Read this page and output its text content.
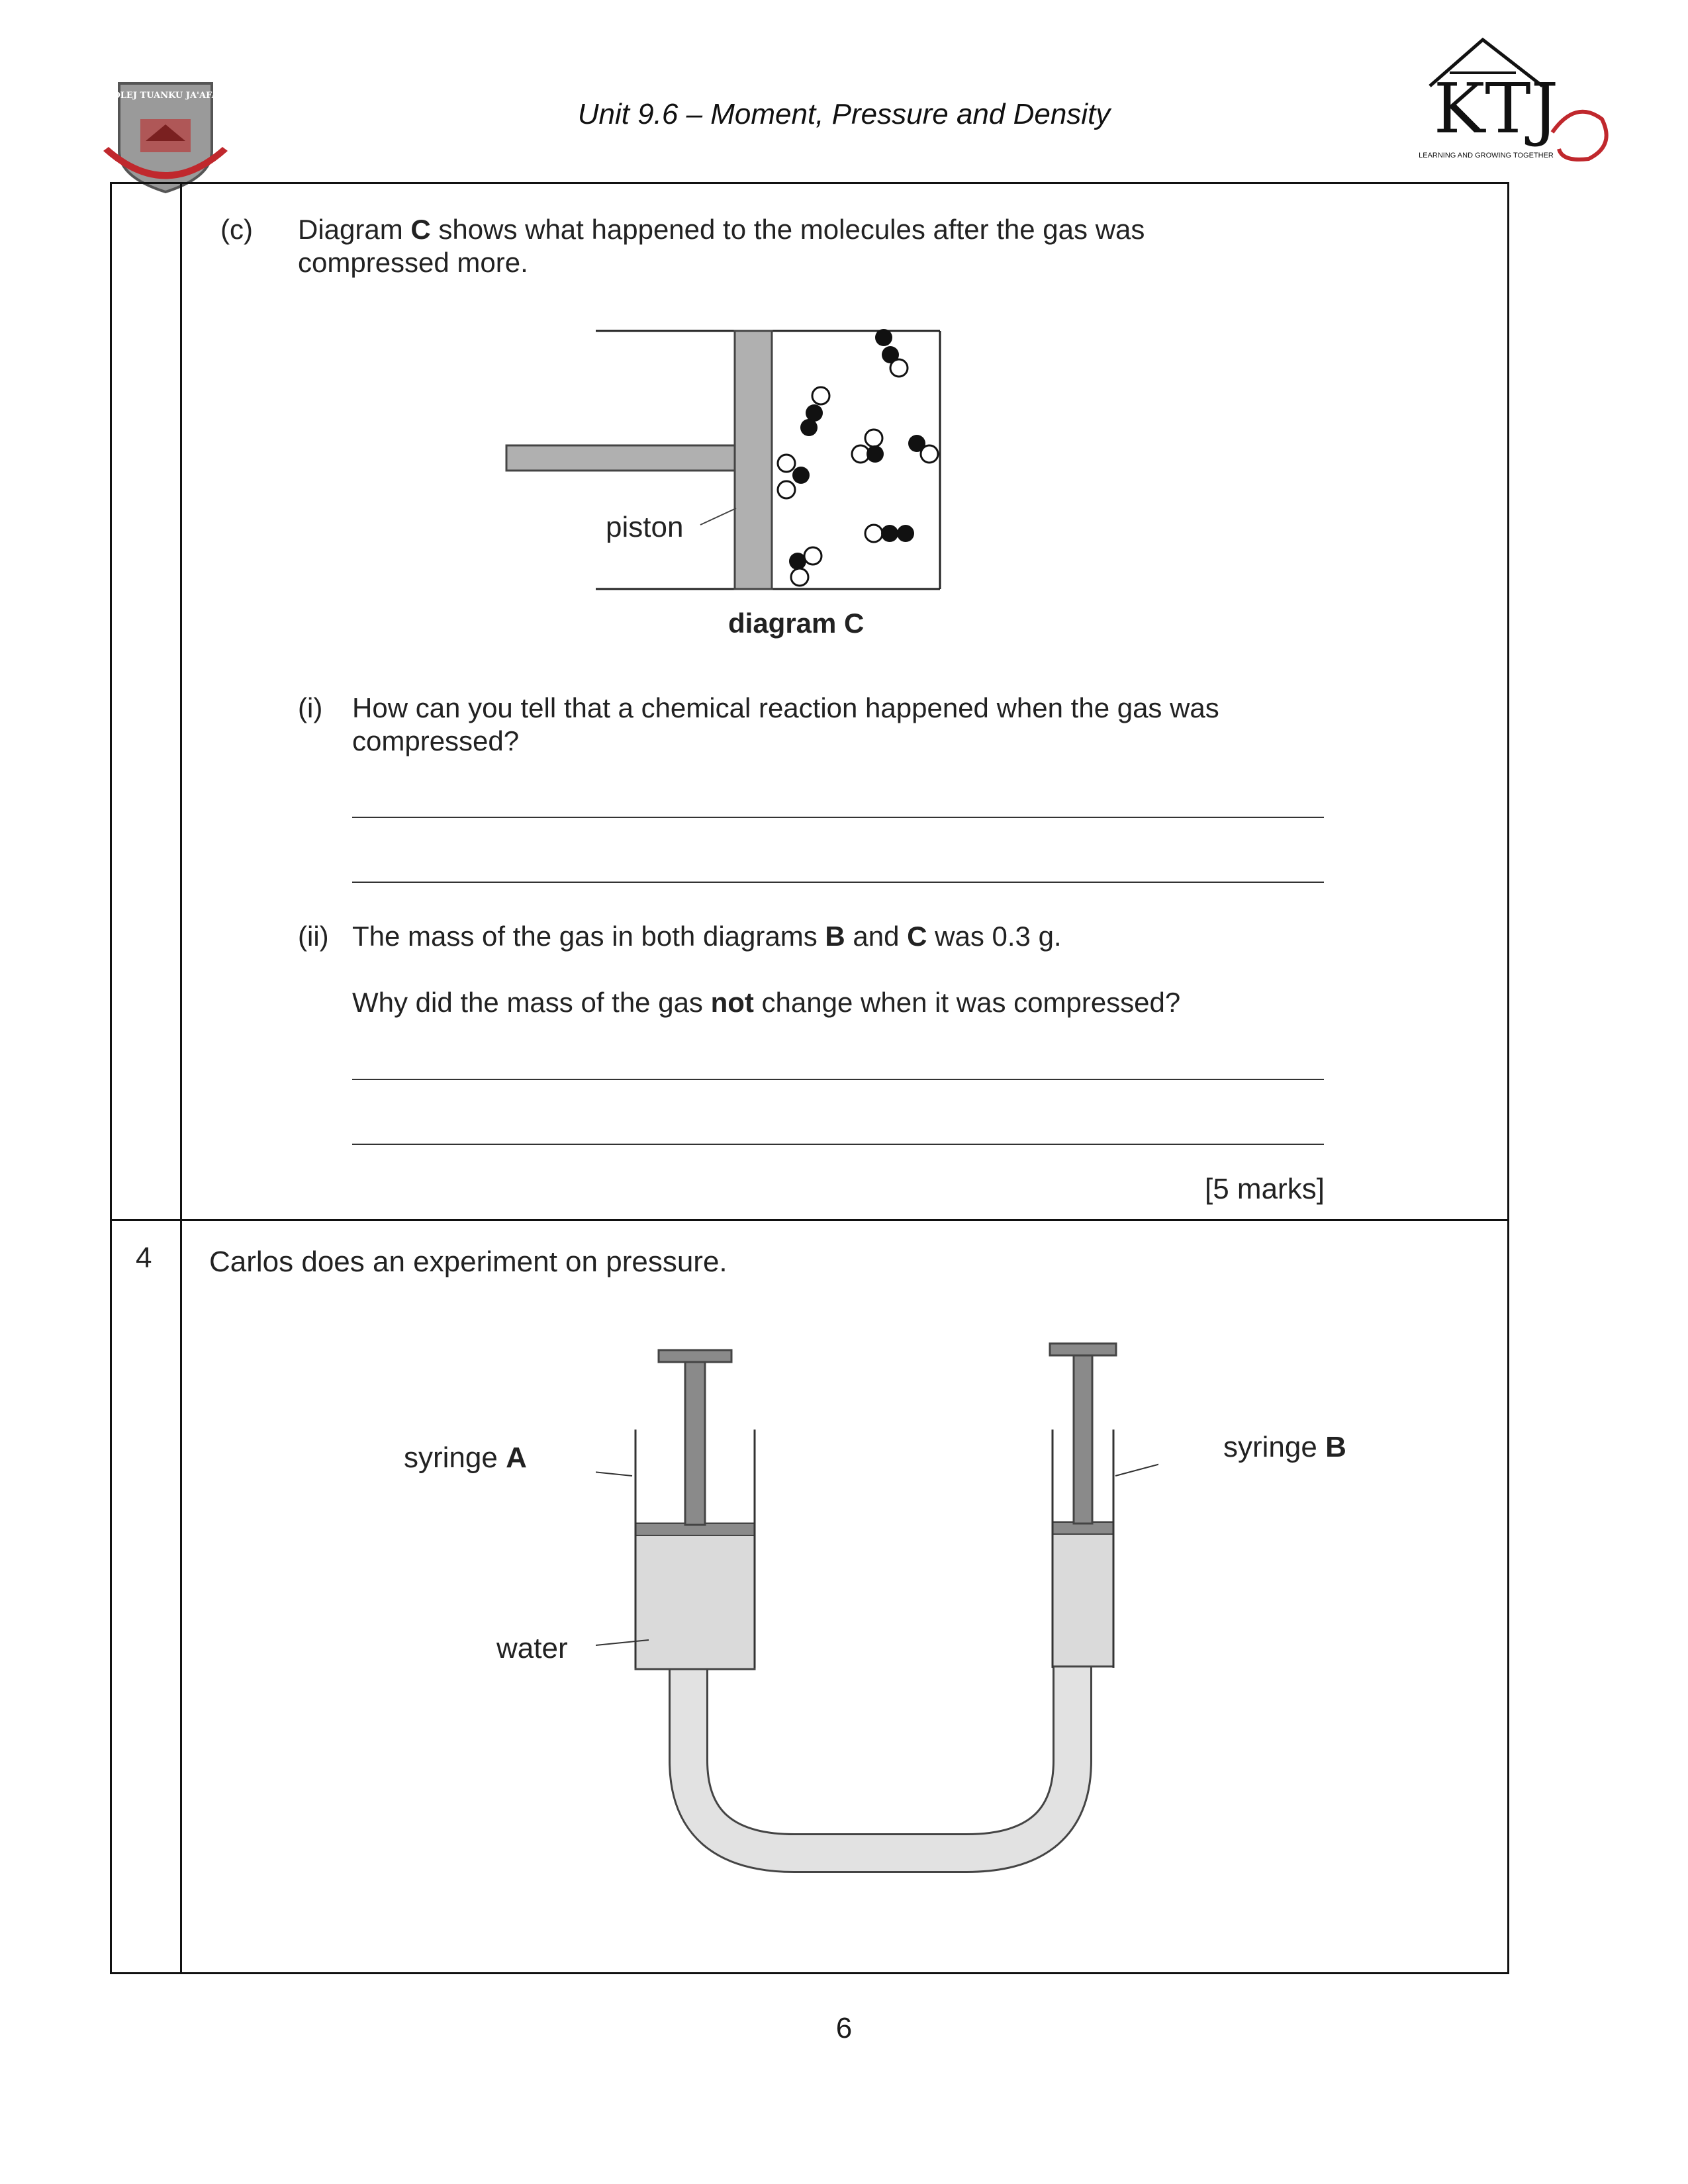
KOLEJ TUANKU JA'AFAR
Unit 9.6 – Moment, Pressure and Density	KTJ
LEARNING AND GROWING TOGETHER
(c) Diagram C shows what happened to the molecules after the gas was
compressed more.
piston
diagram C
(i) How can you tell that a chemical reaction happened when the gas was
compressed?
(ii) The mass of the gas in both diagrams B and C was 0.3 g.
Why did the mass of the gas not change when it was compressed?
[5 marks]
4 Carlos does an experiment on pressure.
syringe A	syringe B
water
6
